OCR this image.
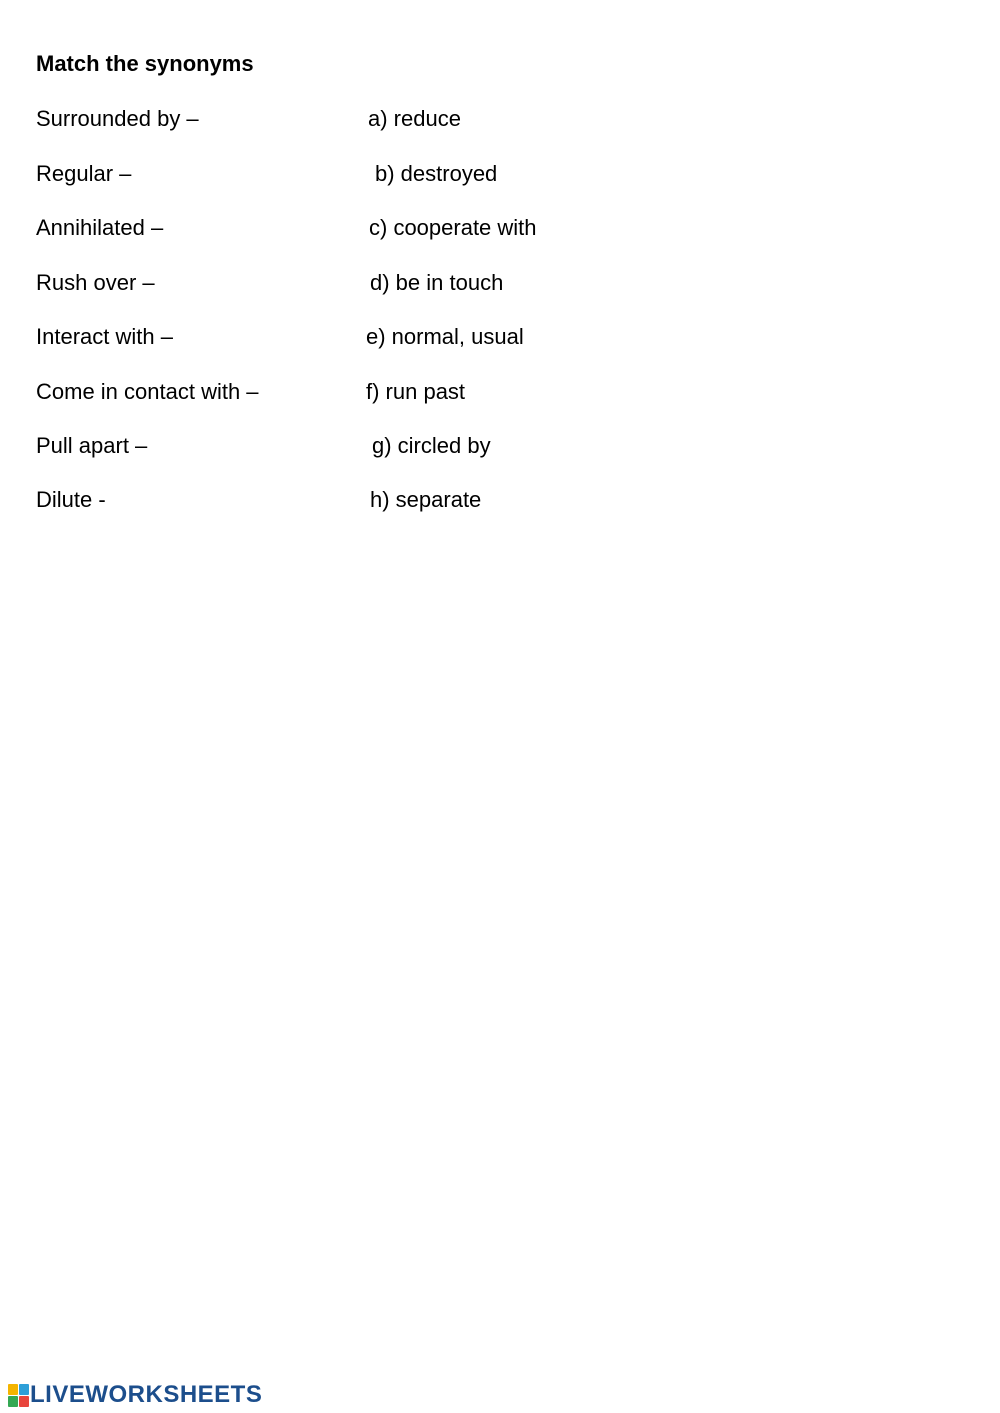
Match the synonyms
Surrounded by –	a) reduce
Regular –	b) destroyed
Annihilated –	c) cooperate with
Rush over –	d) be in touch
Interact with –	e) normal, usual
Come in contact with –	f) run past
Pull apart –	g) circled by
Dilute -	h) separate
LIVEWORKSHEETS
